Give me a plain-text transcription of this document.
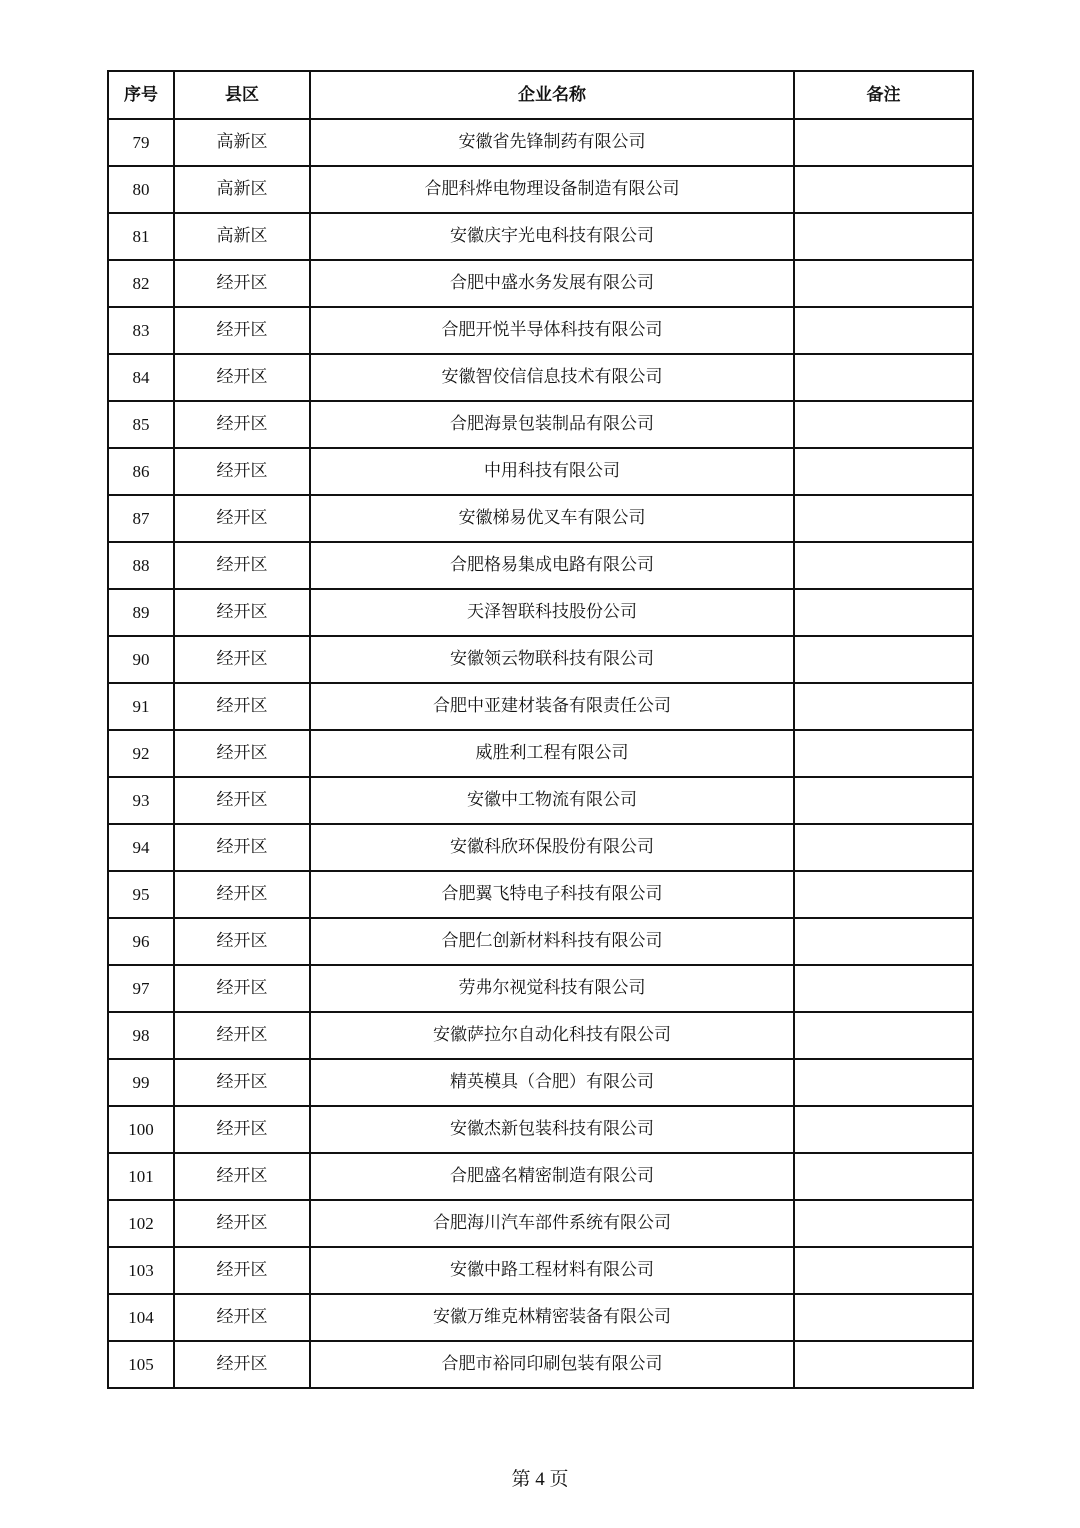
序号	县区	企业名称	备注
79	高新区	安徽省先锋制药有限公司	
80	高新区	合肥科烨电物理设备制造有限公司	
81	高新区	安徽庆宇光电科技有限公司	
82	经开区	合肥中盛水务发展有限公司	
83	经开区	合肥开悦半导体科技有限公司	
84	经开区	安徽智佼信信息技术有限公司	
85	经开区	合肥海景包装制品有限公司	
86	经开区	中用科技有限公司	
87	经开区	安徽梯易优叉车有限公司	
88	经开区	合肥格易集成电路有限公司	
89	经开区	天泽智联科技股份公司	
90	经开区	安徽领云物联科技有限公司	
91	经开区	合肥中亚建材装备有限责任公司	
92	经开区	威胜利工程有限公司	
93	经开区	安徽中工物流有限公司	
94	经开区	安徽科欣环保股份有限公司	
95	经开区	合肥翼飞特电子科技有限公司	
96	经开区	合肥仁创新材料科技有限公司	
97	经开区	劳弗尔视觉科技有限公司	
98	经开区	安徽萨拉尔自动化科技有限公司	
99	经开区	精英模具（合肥）有限公司	
100	经开区	安徽杰新包装科技有限公司	
101	经开区	合肥盛名精密制造有限公司	
102	经开区	合肥海川汽车部件系统有限公司	
103	经开区	安徽中路工程材料有限公司	
104	经开区	安徽万维克林精密装备有限公司	
105	经开区	合肥市裕同印刷包装有限公司	
第 4 页
